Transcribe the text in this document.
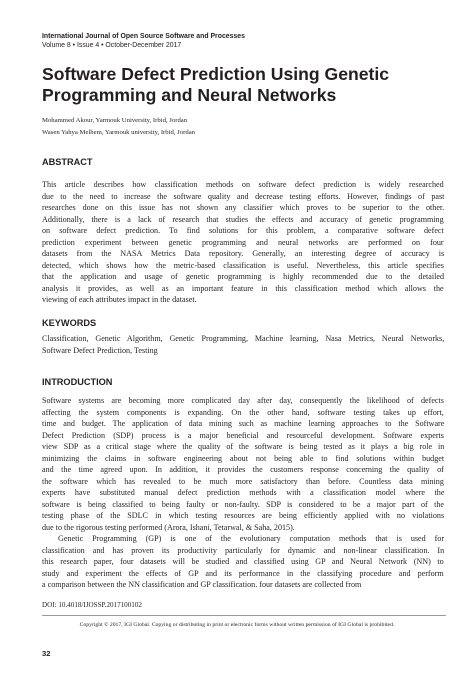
International Journal of Open Source Software and Processes
Volume 8 • Issue 4 • October-December 2017
Software Defect Prediction Using Genetic
Programming and Neural Networks
Mohammed Akour, Yarmouk University, Irbid, Jordan
Wasen Yahya Melhem, Yarmouk university, Irbid, Jordan
ABSTRACT
This article describes how classification methods on software defect prediction is widely researched
due to the need to increase the software quality and decrease testing efforts. However, findings of past
researches done on this issue has not shown any classifier which proves to be superior to the other.
Additionally, there is a lack of research that studies the effects and accuracy of genetic programming
on software defect prediction. To find solutions for this problem, a comparative software defect
prediction experiment between genetic programming and neural networks are performed on four
datasets from the NASA Metrics Data repository. Generally, an interesting degree of accuracy is
detected, which shows how the metric-based classification is useful. Nevertheless, this article specifies
that the application and usage of genetic programming is highly recommended due to the detailed
analysis it provides, as well as an important feature in this classification method which allows the
viewing of each attributes impact in the dataset.
KEYWORDS
Classification, Genetic Algorithm, Genetic Programming, Machine learning, Nasa Metrics, Neural Networks,
Software Defect Prediction, Testing
INTRODUCTION
Software systems are becoming more complicated day after day, consequently the likelihood of defects
affecting the system components is expanding. On the other hand, software testing takes up effort,
time and budget. The application of data mining such as machine learning approaches to the Software
Defect Prediction (SDP) process is a major beneficial and resourceful development. Software experts
view SDP as a critical stage where the quality of the software is being tested as it plays a big role in
minimizing the claims in software engineering about not being able to find solutions within budget
and the time agreed upon. In addition, it provides the customers response concerning the quality of
the software which has revealed to be much more satisfactory than before. Countless data mining
experts have substituted manual defect prediction methods with a classification model where the
software is being classified to being faulty or non-faulty. SDP is considered to be a major part of the
testing phase of the SDLC in which testing resources are being efficiently applied with no violations
due to the rigorous testing performed (Arora, Ishani, Tetarwal, & Saha, 2015).
Genetic Programming (GP) is one of the evolutionary computation methods that is used for
classification and has proven its productivity particularly for dynamic and non-linear classification. In
this research paper, four datasets will be studied and classified using GP and Neural Network (NN) to
study and experiment the effects of GP and its performance in the classifying procedure and perform
a comparison between the NN classification and GP classification. four datasets are collected from
DOI: 10.4018/IJOSSP.2017100102
Copyright © 2017, IGI Global. Copying or distributing in print or electronic forms without written permission of IGI Global is prohibited.
32
